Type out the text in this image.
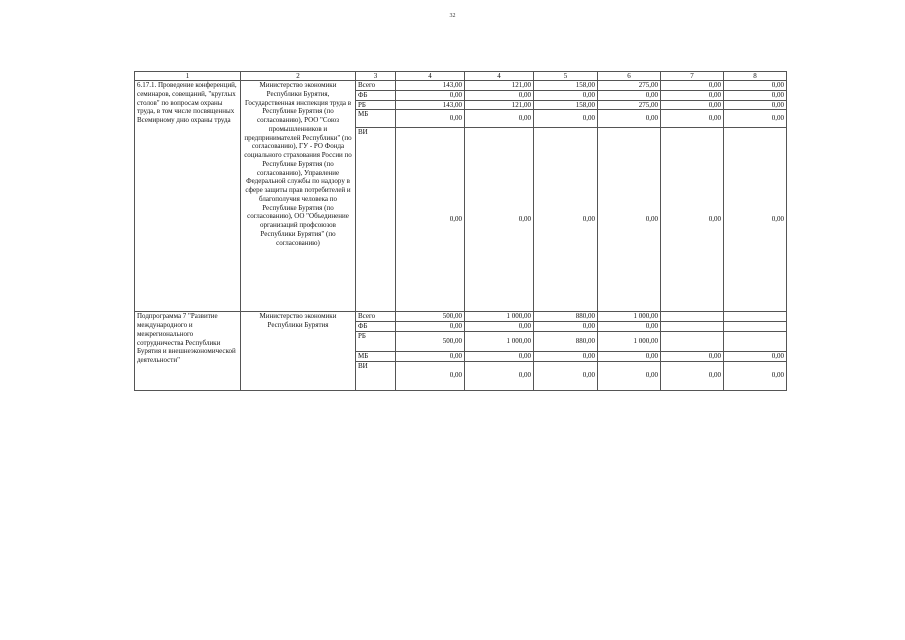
32
1	2	3	4	4	5	6	7	8
6.17.1. Проведение конференций, семинаров, совещаний, "круглых столов" по вопросам охраны труда, в том числе посвященных Всемирному дню охраны труда	Министерство экономики Республики Бурятия, Государственная инспекция труда в Республике Бурятия (по согласованию), РОО "Союз промышленников и предпринимателей Республики" (по согласованию), ГУ - РО Фонда социального страхования России по Республике Бурятия (по согласованию), Управление Федеральной службы по надзору в сфере защиты прав потребителей и благополучия человека по Республике Бурятия (по согласованию), ОО "Объединение организаций профсоюзов Республики Бурятия" (по согласованию)	Всего	143,00	121,00	158,00	275,00	0,00	0,00
		ФБ	0,00	0,00	0,00	0,00	0,00	0,00
		РБ	143,00	121,00	158,00	275,00	0,00	0,00
		МБ	0,00	0,00	0,00	0,00	0,00	0,00
		ВИ	0,00	0,00	0,00	0,00	0,00	0,00
Подпрограмма 7 "Развитие международного и межрегионального сотрудничества Республики Бурятия и внешнеэкономической деятельности"	Министерство экономики Республики Бурятия	Всего	500,00	1 000,00	880,00	1 000,00		
		ФБ	0,00	0,00	0,00	0,00		
		РБ	500,00	1 000,00	880,00	1 000,00		
		МБ	0,00	0,00	0,00	0,00	0,00	0,00
		ВИ	0,00	0,00	0,00	0,00	0,00	0,00
